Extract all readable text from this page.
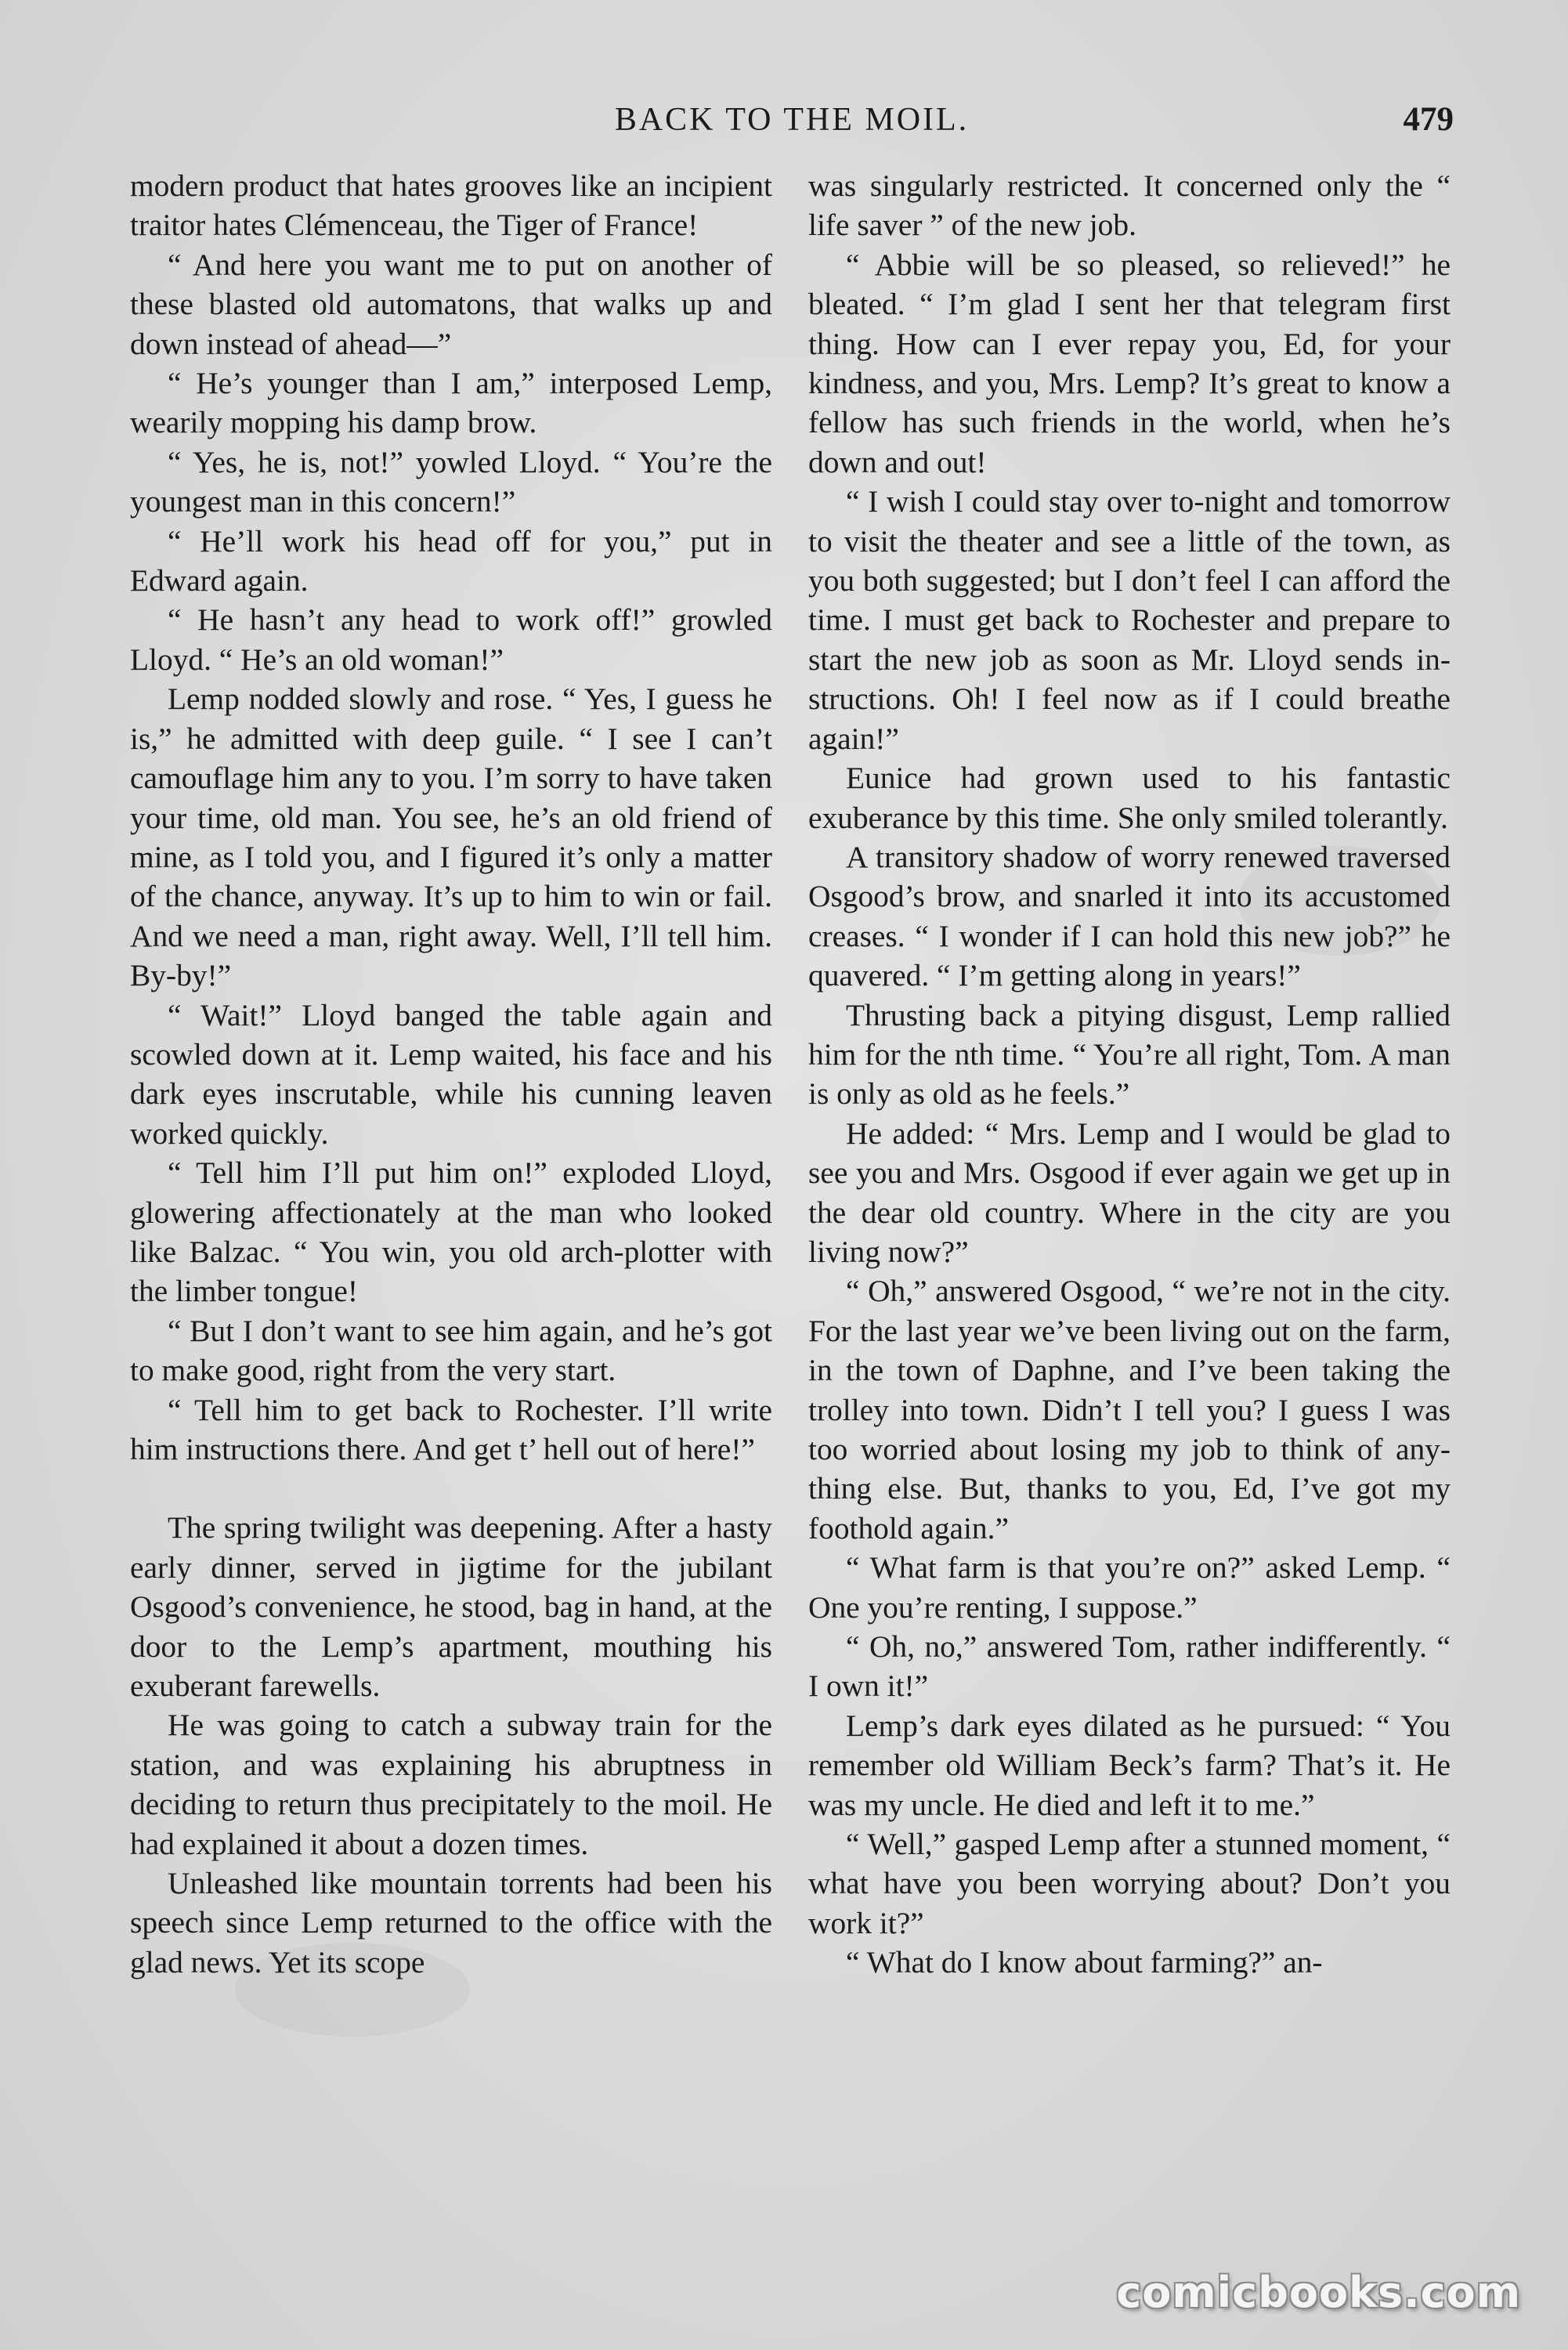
BACK TO THE MOIL.	479

modern product that hates grooves like an incipient traitor hates Clémenceau, the Tiger of France!

“ And here you want me to put on another of these blasted old automatons, that walks up and down instead of ahead—”

“ He’s younger than I am,” interposed Lemp, wearily mopping his damp brow.

“ Yes, he is, not!” yowled Lloyd. “ You’re the youngest man in this concern!”

“ He’ll work his head off for you,” put in Edward again.

“ He hasn’t any head to work off!” growled Lloyd. “ He’s an old woman!”

Lemp nodded slowly and rose. “ Yes, I guess he is,” he admitted with deep guile. “ I see I can’t camouflage him any to you. I’m sorry to have taken your time, old man. You see, he’s an old friend of mine, as I told you, and I figured it’s only a matter of the chance, anyway. It’s up to him to win or fail. And we need a man, right away. Well, I’ll tell him. By-by!”

“ Wait!” Lloyd banged the table again and scowled down at it. Lemp waited, his face and his dark eyes inscrutable, while his cunning leaven worked quickly.

“ Tell him I’ll put him on!” exploded Lloyd, glowering affectionately at the man who looked like Balzac. “ You win, you old arch-plotter with the limber tongue!

“ But I don’t want to see him again, and he’s got to make good, right from the very start.

“ Tell him to get back to Rochester. I’ll write him instructions there. And get t’ hell out of here!”

The spring twilight was deepening. After a hasty early dinner, served in jigtime for the jubilant Osgood’s convenience, he stood, bag in hand, at the door to the Lemp’s apartment, mouthing his exuberant farewells.

He was going to catch a subway train for the station, and was explaining his abruptness in deciding to return thus precipitately to the moil. He had explained it about a dozen times.

Unleashed like mountain torrents had been his speech since Lemp returned to the office with the glad news. Yet its scope

was singularly restricted. It concerned only the “ life saver ” of the new job.

“ Abbie will be so pleased, so relieved!” he bleated. “ I’m glad I sent her that telegram first thing. How can I ever repay you, Ed, for your kindness, and you, Mrs. Lemp? It’s great to know a fellow has such friends in the world, when he’s down and out!

“ I wish I could stay over to-night and tomorrow to visit the theater and see a little of the town, as you both suggested; but I don’t feel I can afford the time. I must get back to Rochester and prepare to start the new job as soon as Mr. Lloyd sends instructions. Oh! I feel now as if I could breathe again!”

Eunice had grown used to his fantastic exuberance by this time. She only smiled tolerantly.

A transitory shadow of worry renewed traversed Osgood’s brow, and snarled it into its accustomed creases. “ I wonder if I can hold this new job?” he quavered. “ I’m getting along in years!”

Thrusting back a pitying disgust, Lemp rallied him for the nth time. “ You’re all right, Tom. A man is only as old as he feels.”

He added: “ Mrs. Lemp and I would be glad to see you and Mrs. Osgood if ever again we get up in the dear old country. Where in the city are you living now?”

“ Oh,” answered Osgood, “ we’re not in the city. For the last year we’ve been living out on the farm, in the town of Daphne, and I’ve been taking the trolley into town. Didn’t I tell you? I guess I was too worried about losing my job to think of anything else. But, thanks to you, Ed, I’ve got my foothold again.”

“ What farm is that you’re on?” asked Lemp. “ One you’re renting, I suppose.”

“ Oh, no,” answered Tom, rather indifferently. “ I own it!”

Lemp’s dark eyes dilated as he pursued: “ You remember old William Beck’s farm? That’s it. He was my uncle. He died and left it to me.”

“ Well,” gasped Lemp after a stunned moment, “ what have you been worrying about? Don’t you work it?”

“ What do I know about farming?” an-

comicbooks.com
